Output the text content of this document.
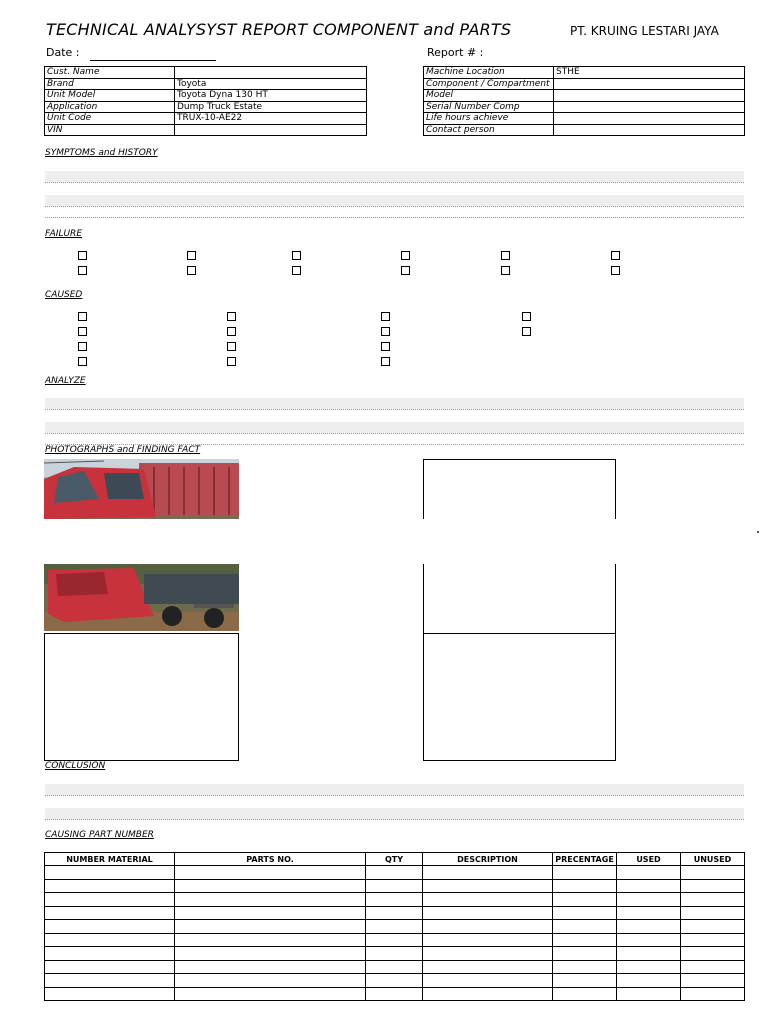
TECHNICAL ANALYSYST REPORT COMPONENT and PARTS	PT. KRUING LESTARI JAYA
Date :	Report # :
Cust. Name	
Brand	Toyota
Unit Model	Toyota Dyna 130 HT
Application	Dump Truck Estate
Unit Code	TRUX-10-AE22
VIN	
Machine Location	STHE
Component / Compartment	
Model	
Serial Number Comp	
Life hours achieve	
Contact person	
SYMPTOMS and HISTORY
FAILURE
CAUSED
ANALYZE
PHOTOGRAPHS and FINDING FACT
CONCLUSION
CAUSING PART NUMBER
NUMBER MATERIAL	PARTS NO.	QTY	DESCRIPTION	PRECENTAGE	USED	UNUSED
